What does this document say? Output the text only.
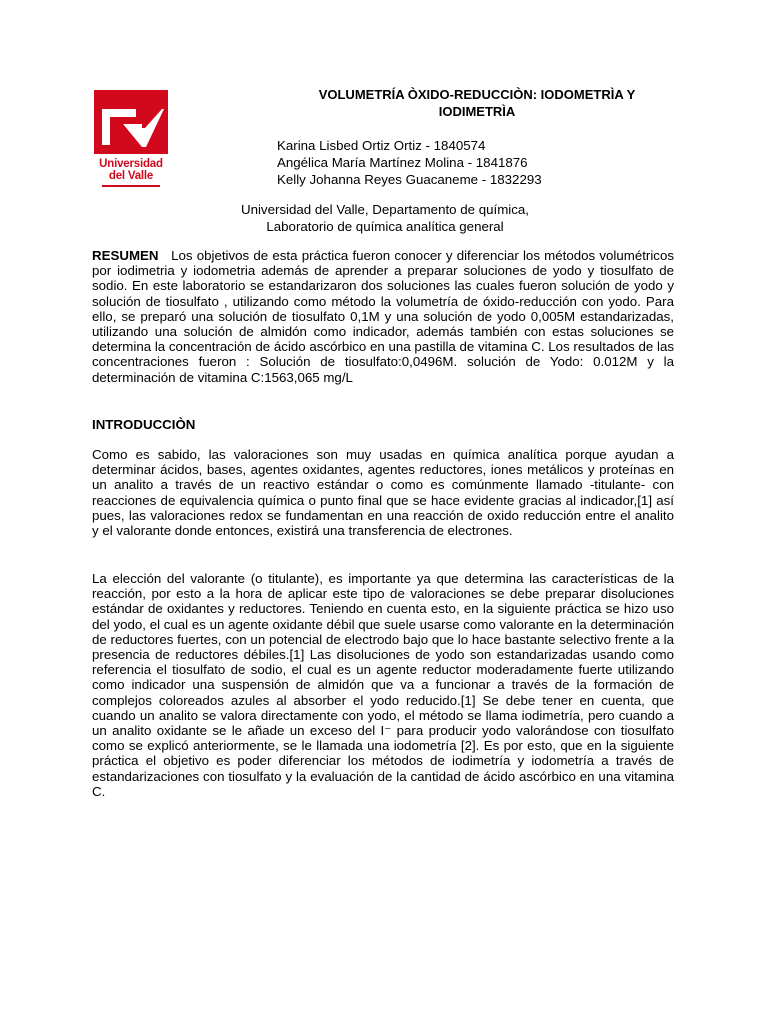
Universidad
del Valle
VOLUMETRÍA ÒXIDO-REDUCCIÒN: IODOMETRÌA Y IODIMETRÌA
Karina Lisbed Ortiz Ortiz - 1840574
Angélica María Martínez Molina - 1841876
Kelly Johanna Reyes Guacaneme - 1832293
Universidad del Valle, Departamento de química,
Laboratorio de química analítica general
RESUMEN Los objetivos de esta práctica fueron conocer y diferenciar los métodos volumétricos por iodimetria y iodometria además de aprender a preparar soluciones de yodo y tiosulfato de sodio. En este laboratorio se estandarizaron dos soluciones las cuales fueron solución de yodo y solución de tiosulfato , utilizando como método la volumetría de óxido-reducción con yodo. Para ello, se preparó una solución de tiosulfato 0,1M y una solución de yodo 0,005M estandarizadas, utilizando una solución de almidón como indicador, además también con estas soluciones se determina la concentración de ácido ascórbico en una pastilla de vitamina C. Los resultados de las concentraciones fueron : Solución de tiosulfato:0,0496M. solución de Yodo: 0.012M y la determinación de vitamina C:1563,065 mg/L
INTRODUCCIÒN
Como es sabido, las valoraciones son muy usadas en química analítica porque ayudan a determinar ácidos, bases, agentes oxidantes, agentes reductores, iones metálicos y proteínas en un analito a través de un reactivo estándar o como es comúnmente llamado -titulante- con reacciones de equivalencia química o punto final que se hace evidente gracias al indicador,[1] así pues, las valoraciones redox se fundamentan en una reacción de oxido reducción entre el analito y el valorante donde entonces, existirá una transferencia de electrones.
La elección del valorante (o titulante), es importante ya que determina las características de la reacción, por esto a la hora de aplicar este tipo de valoraciones se debe preparar disoluciones estándar de oxidantes y reductores. Teniendo en cuenta esto, en la siguiente práctica se hizo uso del yodo, el cual es un agente oxidante débil que suele usarse como valorante en la determinación de reductores fuertes, con un potencial de electrodo bajo que lo hace bastante selectivo frente a la presencia de reductores débiles.[1] Las disoluciones de yodo son estandarizadas usando como referencia el tiosulfato de sodio, el cual es un agente reductor moderadamente fuerte utilizando como indicador una suspensión de almidón que va a funcionar a través de la formación de complejos coloreados azules al absorber el yodo reducido.[1] Se debe tener en cuenta, que cuando un analito se valora directamente con yodo, el método se llama iodimetría, pero cuando a un analito oxidante se le añade un exceso del I⁻ para producir yodo valorándose con tiosulfato como se explicó anteriormente, se le llamada una iodometría [2]. Es por esto, que en la siguiente práctica el objetivo es poder diferenciar los métodos de iodimetría y iodometría a través de estandarizaciones con tiosulfato y la evaluación de la cantidad de ácido ascórbico en una vitamina C.
